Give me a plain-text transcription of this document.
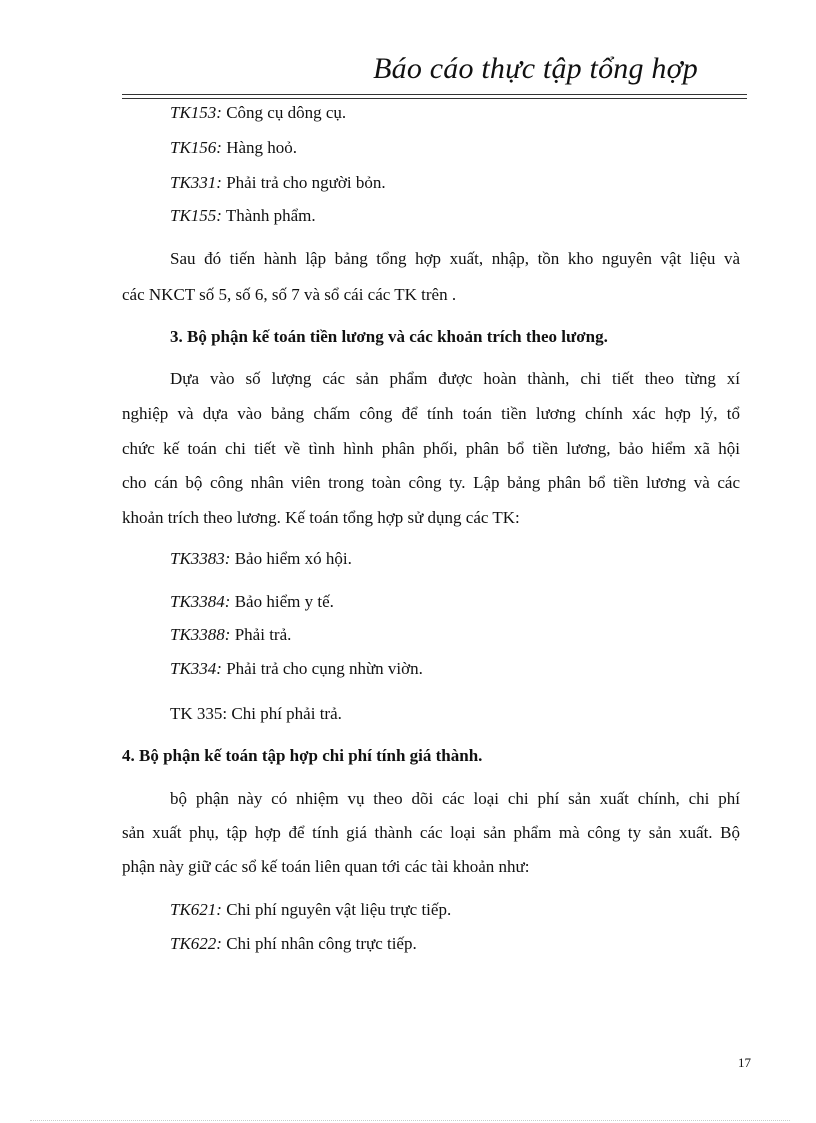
Báo cáo thực tập tổng hợp
TK153: Công cụ dông cụ.
TK156: Hàng hoỏ.
TK331: Phải trả cho người bỏn.
TK155: Thành phẩm.
Sau đó tiến hành lập bảng tổng hợp xuất, nhập, tồn kho nguyên vật liệu và
các NKCT số 5, số 6, số 7 và sổ cái các TK trên .
3. Bộ phận kế toán tiền lương và các khoản trích theo lương.
Dựa vào số lượng các sản phẩm được hoàn thành, chi tiết theo từng xí
nghiệp và dựa vào bảng chấm công để tính toán tiền lương chính xác hợp lý, tổ
chức kế toán chi tiết về tình hình phân phối, phân bổ tiền lương, bảo hiểm xã hội
cho cán bộ công nhân viên trong toàn công ty. Lập bảng phân bổ tiền lương và các
khoản trích theo lương. Kế toán tổng hợp sử dụng các TK:
TK3383: Bảo hiểm xó hội.
TK3384: Bảo hiểm y tế.
TK3388: Phải trả.
TK334: Phải trả cho cụng nhừn viờn.
TK 335: Chi phí phải trả.
4. Bộ phận kế toán tập hợp chi phí tính giá thành.
bộ phận này có nhiệm vụ theo dõi các loại chi phí sản xuất chính, chi phí
sản xuất phụ, tập hợp để tính giá thành các loại sản phẩm mà công ty sản xuất. Bộ
phận này giữ các sổ kế toán liên quan tới các tài khoản như:
TK621: Chi phí nguyên vật liệu trực tiếp.
TK622: Chi phí nhân công trực tiếp.
17
